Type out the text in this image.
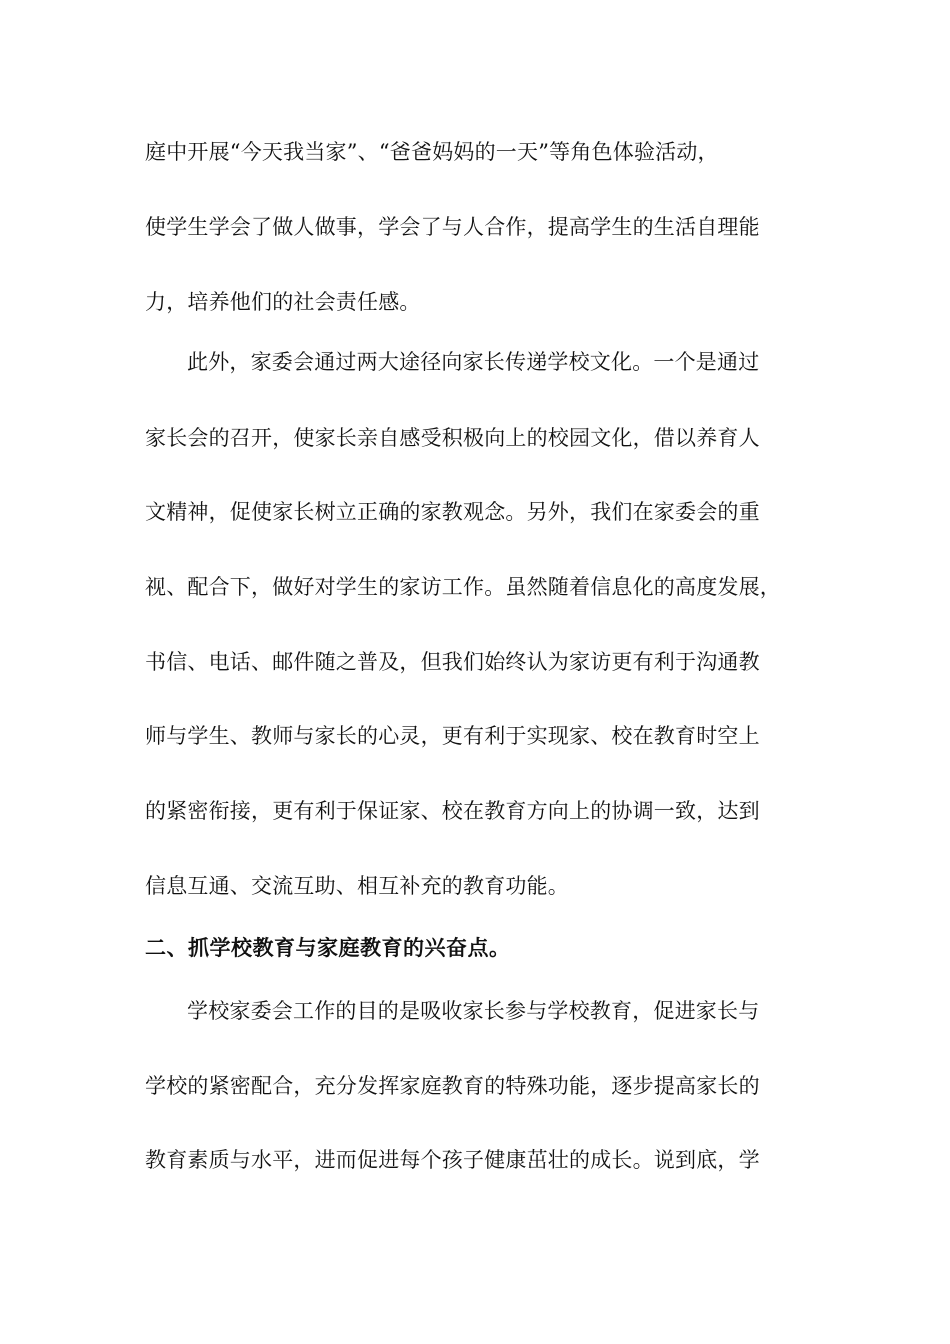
庭中开展“今天我当家”、“爸爸妈妈的一天”等角色体验活动，
使学生学会了做人做事，学会了与人合作，提高学生的生活自理能
力，培养他们的社会责任感。
此外，家委会通过两大途径向家长传递学校文化。一个是通过
家长会的召开，使家长亲自感受积极向上的校园文化，借以养育人
文精神，促使家长树立正确的家教观念。另外，我们在家委会的重
视、配合下，做好对学生的家访工作。虽然随着信息化的高度发展，
书信、电话、邮件随之普及，但我们始终认为家访更有利于沟通教
师与学生、教师与家长的心灵，更有利于实现家、校在教育时空上
的紧密衔接，更有利于保证家、校在教育方向上的协调一致，达到
信息互通、交流互助、相互补充的教育功能。
二、抓学校教育与家庭教育的兴奋点。
学校家委会工作的目的是吸收家长参与学校教育，促进家长与
学校的紧密配合，充分发挥家庭教育的特殊功能，逐步提高家长的
教育素质与水平，进而促进每个孩子健康茁壮的成长。说到底，学
